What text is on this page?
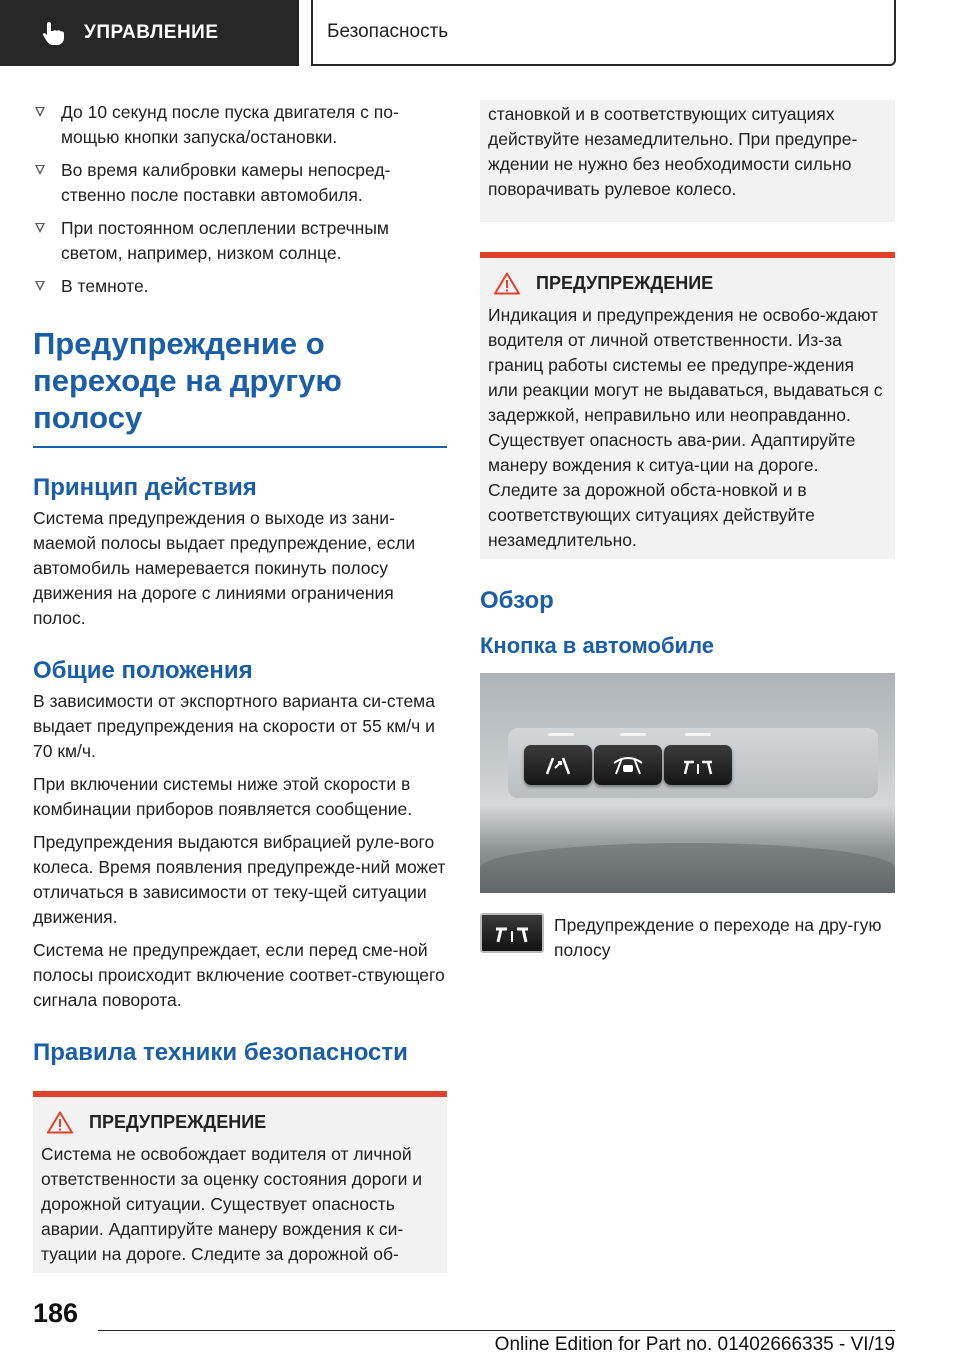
УПРАВЛЕНИЕ	Безопасность
До 10 секунд после пуска двигателя с по-мощью кнопки запуска/остановки.
Во время калибровки камеры непосред-ственно после поставки автомобиля.
При постоянном ослеплении встречным светом, например, низком солнце.
В темноте.
Предупреждение о переходе на другую полосу
Принцип действия
Система предупреждения о выходе из зани-маемой полосы выдает предупреждение, если автомобиль намеревается покинуть полосу движения на дороге с линиями ограничения полос.
Общие положения
В зависимости от экспортного варианта си-стема выдает предупреждения на скорости от 55 км/ч и 70 км/ч.
При включении системы ниже этой скорости в комбинации приборов появляется сообщение.
Предупреждения выдаются вибрацией руле-вого колеса. Время появления предупрежде-ний может отличаться в зависимости от теку-щей ситуации движения.
Система не предупреждает, если перед сме-ной полосы происходит включение соответ-ствующего сигнала поворота.
Правила техники безопасности
ПРЕДУПРЕЖДЕНИЕ
Система не освобождает водителя от личной ответственности за оценку состояния дороги и дорожной ситуации. Существует опасность аварии. Адаптируйте манеру вождения к си-туации на дороге. Следите за дорожной об-
становкой и в соответствующих ситуациях действуйте незамедлительно. При предупре-ждении не нужно без необходимости сильно поворачивать рулевое колесо.
ПРЕДУПРЕЖДЕНИЕ
Индикация и предупреждения не освобо-ждают водителя от личной ответственности. Из-за границ работы системы ее предупре-ждения или реакции могут не выдаваться, выдаваться с задержкой, неправильно или неоправданно. Существует опасность ава-рии. Адаптируйте манеру вождения к ситуа-ции на дороге. Следите за дорожной обста-новкой и в соответствующих ситуациях действуйте незамедлительно.
Обзор
Кнопка в автомобиле
Предупреждение о переходе на дру-гую полосу
186
Online Edition for Part no. 01402666335 - VI/19
